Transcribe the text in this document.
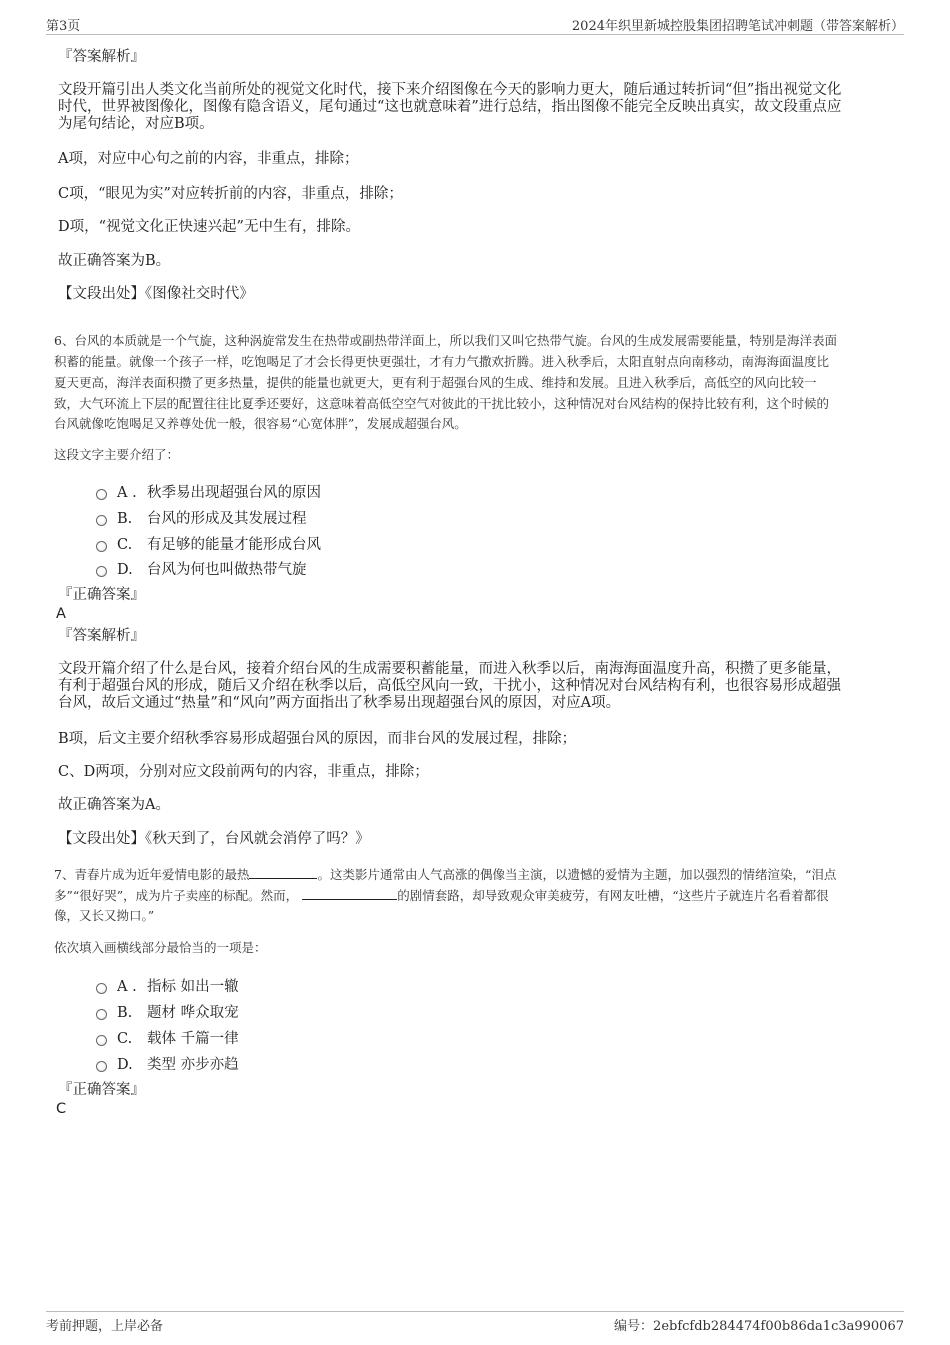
第3页	2024年织里新城控股集团招聘笔试冲刺题（带答案解析）
『答案解析』
文段开篇引出人类文化当前所处的视觉文化时代，接下来介绍图像在今天的影响力更大，随后通过转折词“但”指出视觉文化
时代，世界被图像化，图像有隐含语义，尾句通过“这也就意味着”进行总结，指出图像不能完全反映出真实，故文段重点应
为尾句结论，对应B项。
A项，对应中心句之前的内容，非重点，排除；
C项，“眼见为实”对应转折前的内容，非重点，排除；
D项，“视觉文化正快速兴起”无中生有，排除。
故正确答案为B。
【文段出处】《图像社交时代》
6、台风的本质就是一个气旋，这种涡旋常发生在热带或副热带洋面上，所以我们又叫它热带气旋。台风的生成发展需要能量，特别是海洋表面
积蓄的能量。就像一个孩子一样，吃饱喝足了才会长得更快更强壮，才有力气撒欢折腾。进入秋季后，太阳直射点向南移动，南海海面温度比
夏天更高，海洋表面积攒了更多热量，提供的能量也就更大，更有利于超强台风的生成、维持和发展。且进入秋季后，高低空的风向比较一
致，大气环流上下层的配置往往比夏季还要好，这意味着高低空空气对彼此的干扰比较小，这种情况对台风结构的保持比较有利，这个时候的
台风就像吃饱喝足又养尊处优一般，很容易“心宽体胖”，发展成超强台风。
这段文字主要介绍了：
A . 秋季易出现超强台风的原因
B. 台风的形成及其发展过程
C. 有足够的能量才能形成台风
D. 台风为何也叫做热带气旋
『正确答案』
A
『答案解析』
文段开篇介绍了什么是台风，接着介绍台风的生成需要积蓄能量，而进入秋季以后，南海海面温度升高，积攒了更多能量，
有利于超强台风的形成，随后又介绍在秋季以后，高低空风向一致，干扰小，这种情况对台风结构有利，也很容易形成超强
台风，故后文通过“热量”和“风向”两方面指出了秋季易出现超强台风的原因，对应A项。
B项，后文主要介绍秋季容易形成超强台风的原因，而非台风的发展过程，排除；
C、D两项，分别对应文段前两句的内容，非重点，排除；
故正确答案为A。
【文段出处】《秋天到了，台风就会消停了吗？》
7、青春片成为近年爱情电影的最热	。这类影片通常由人气高涨的偶像当主演，以遗憾的爱情为主题，加以强烈的情绪渲染，“泪点
多”“很好哭”，成为片子卖座的标配。然而，	的剧情套路，却导致观众审美疲劳，有网友吐槽，“这些片子就连片名看着都很
像，又长又拗口。”
依次填入画横线部分最恰当的一项是：
A . 指标 如出一辙
B. 题材 哗众取宠
C. 载体 千篇一律
D. 类型 亦步亦趋
『正确答案』
C
考前押题，上岸必备	编号：2ebfcfdb284474f00b86da1c3a990067
